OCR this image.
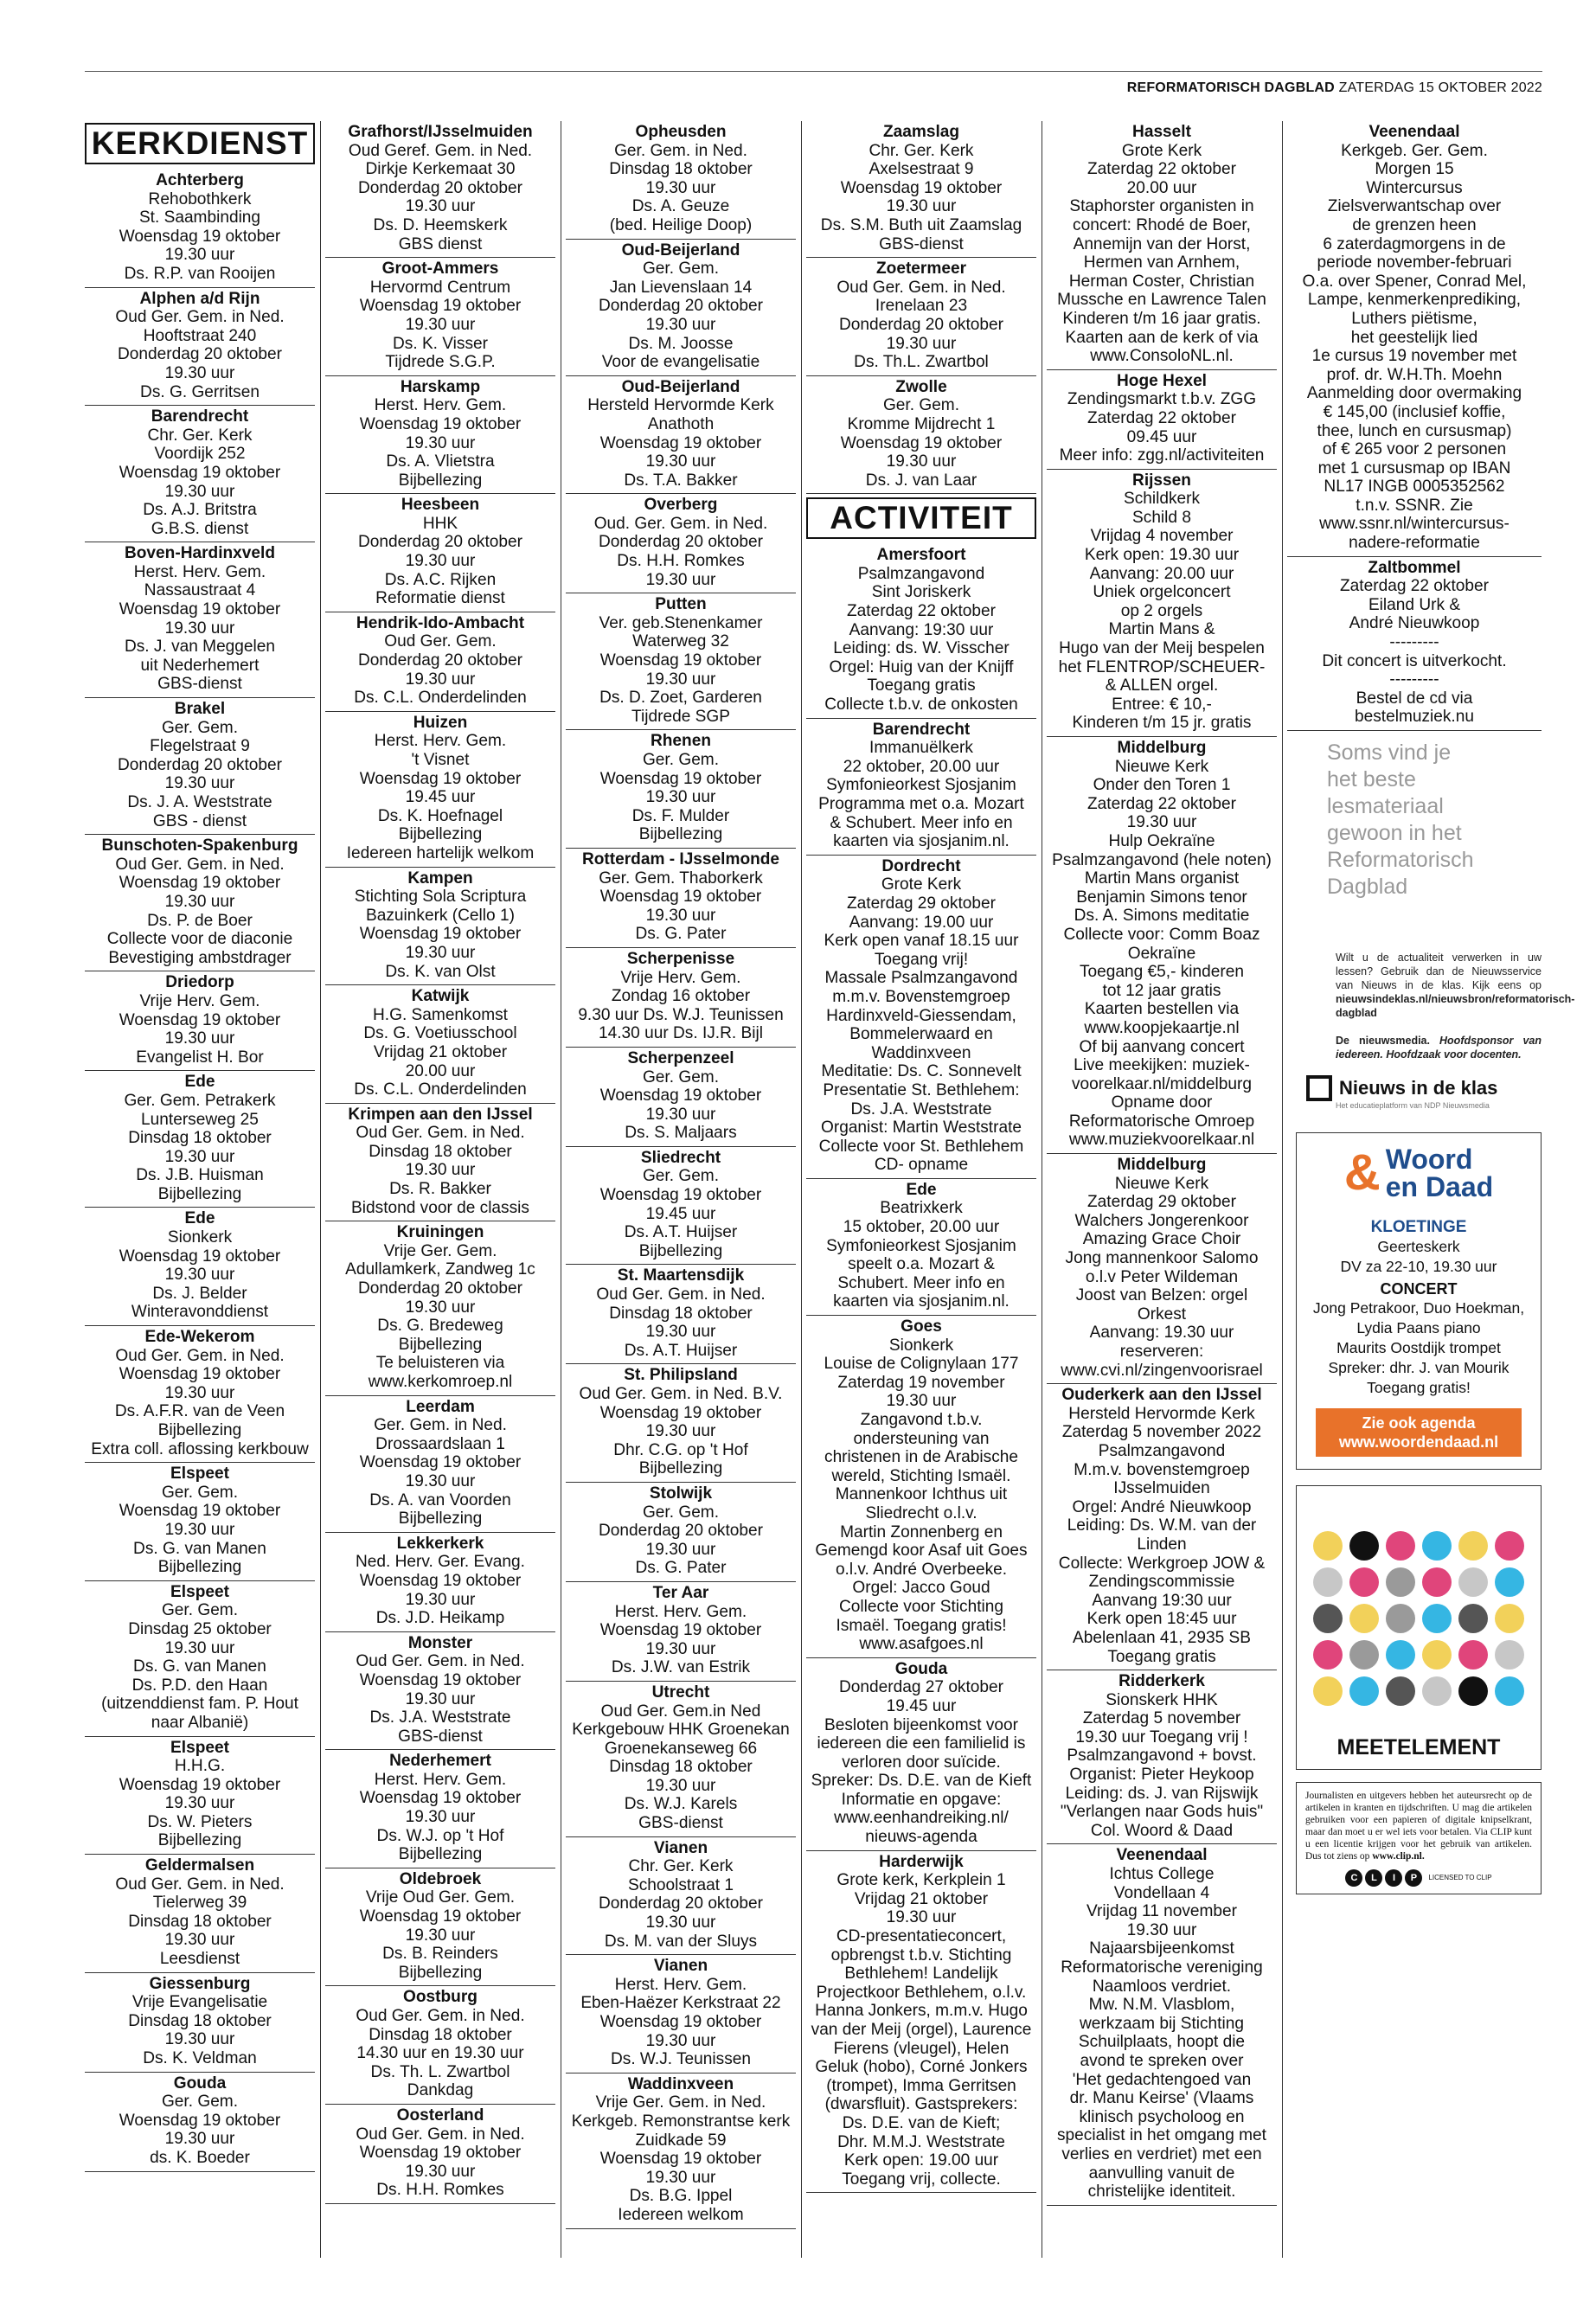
REFORMATORISCH DAGBLAD ZATERDAG 15 OKTOBER 2022
KERKDIENST
Achterberg
Rehobothkerk
St. Saambinding
Woensdag 19 oktober
19.30 uur
Ds. R.P. van Rooijen
Alphen a/d Rijn
Oud Ger. Gem. in Ned.
Hooftstraat 240
Donderdag 20 oktober
19.30 uur
Ds. G. Gerritsen
Barendrecht
Chr. Ger. Kerk
Voordijk 252
Woensdag 19 oktober
19.30 uur
Ds. A.J. Britstra
G.B.S. dienst
Boven-Hardinxveld
Herst. Herv. Gem.
Nassaustraat 4
Woensdag 19 oktober
19.30 uur
Ds. J. van Meggelen
uit Nederhemert
GBS-dienst
Brakel
Ger. Gem.
Flegelstraat 9
Donderdag 20 oktober
19.30 uur
Ds. J. A. Weststrate
GBS - dienst
Bunschoten-Spakenburg
Oud Ger. Gem. in Ned.
Woensdag 19 oktober
19.30 uur
Ds. P. de Boer
Collecte voor de diaconie
Bevestiging ambstdrager
Driedorp
Vrije Herv. Gem.
Woensdag 19 oktober
19.30 uur
Evangelist H. Bor
Ede
Ger. Gem. Petrakerk
Lunterseweg 25
Dinsdag 18 oktober
19.30 uur
Ds. J.B. Huisman
Bijbellezing
Ede
Sionkerk
Woensdag 19 oktober
19.30 uur
Ds. J. Belder
Winteravonddienst
Ede-Wekerom
Oud Ger. Gem. in Ned.
Woensdag 19 oktober
19.30 uur
Ds. A.F.R. van de Veen
Bijbellezing
Extra coll. aflossing kerkbouw
Elspeet
Ger. Gem.
Woensdag 19 oktober
19.30 uur
Ds. G. van Manen
Bijbellezing
Elspeet
Ger. Gem.
Dinsdag 25 oktober
19.30 uur
Ds. G. van Manen
Ds. P.D. den Haan
(uitzenddienst fam. P. Hout
naar Albanië)
Elspeet
H.H.G.
Woensdag 19 oktober
19.30 uur
Ds. W. Pieters
Bijbellezing
Geldermalsen
Oud Ger. Gem. in Ned.
Tielerweg 39
Dinsdag 18 oktober
19.30 uur
Leesdienst
Giessenburg
Vrije Evangelisatie
Dinsdag 18 oktober
19.30 uur
Ds. K. Veldman
Gouda
Ger. Gem.
Woensdag 19 oktober
19.30 uur
ds. K. Boeder
Grafhorst/IJsselmuiden
Oud Geref. Gem. in Ned.
Dirkje Kerkemaat 30
Donderdag 20 oktober
19.30 uur
Ds. D. Heemskerk
GBS dienst
Groot-Ammers
Hervormd Centrum
Woensdag 19 oktober
19.30 uur
Ds. K. Visser
Tijdrede S.G.P.
Harskamp
Herst. Herv. Gem.
Woensdag 19 oktober
19.30 uur
Ds. A. Vlietstra
Bijbellezing
Heesbeen
HHK
Donderdag 20 oktober
19.30 uur
Ds. A.C. Rijken
Reformatie dienst
Hendrik-Ido-Ambacht
Oud Ger. Gem.
Donderdag 20 oktober
19.30 uur
Ds. C.L. Onderdelinden
Huizen
Herst. Herv. Gem.
't Visnet
Woensdag 19 oktober
19.45 uur
Ds. K. Hoefnagel
Bijbellezing
Iedereen hartelijk welkom
Kampen
Stichting Sola Scriptura
Bazuinkerk (Cello 1)
Woensdag 19 oktober
19.30 uur
Ds. K. van Olst
Katwijk
H.G. Samenkomst
Ds. G. Voetiusschool
Vrijdag 21 oktober
20.00 uur
Ds. C.L. Onderdelinden
Krimpen aan den IJssel
Oud Ger. Gem. in Ned.
Dinsdag 18 oktober
19.30 uur
Ds. R. Bakker
Bidstond voor de classis
Kruiningen
Vrije Ger. Gem.
Adullamkerk, Zandweg 1c
Donderdag 20 oktober
19.30 uur
Ds. G. Bredeweg
Bijbellezing
Te beluisteren via
www.kerkomroep.nl
Leerdam
Ger. Gem. in Ned.
Drossaardslaan 1
Woensdag 19 oktober
19.30 uur
Ds. A. van Voorden
Bijbellezing
Lekkerkerk
Ned. Herv. Ger. Evang.
Woensdag 19 oktober
19.30 uur
Ds. J.D. Heikamp
Monster
Oud Ger. Gem. in Ned.
Woensdag 19 oktober
19.30 uur
Ds. J.A. Weststrate
GBS-dienst
Nederhemert
Herst. Herv. Gem.
Woensdag 19 oktober
19.30 uur
Ds. W.J. op 't Hof
Bijbellezing
Oldebroek
Vrije Oud Ger. Gem.
Woensdag 19 oktober
19.30 uur
Ds. B. Reinders
Bijbellezing
Oostburg
Oud Ger. Gem. in Ned.
Dinsdag 18 oktober
14.30 uur en 19.30 uur
Ds. Th. L. Zwartbol
Dankdag
Oosterland
Oud Ger. Gem. in Ned.
Woensdag 19 oktober
19.30 uur
Ds. H.H. Romkes
Opheusden
Ger. Gem. in Ned.
Dinsdag 18 oktober
19.30 uur
Ds. A. Geuze
(bed. Heilige Doop)
Oud-Beijerland
Ger. Gem.
Jan Lievenslaan 14
Donderdag 20 oktober
19.30 uur
Ds. M. Joosse
Voor de evangelisatie
Oud-Beijerland
Hersteld Hervormde Kerk
Anathoth
Woensdag 19 oktober
19.30 uur
Ds. T.A. Bakker
Overberg
Oud. Ger. Gem. in Ned.
Donderdag 20 oktober
Ds. H.H. Romkes
19.30 uur
Putten
Ver. geb.Stenenkamer
Waterweg 32
Woensdag 19 oktober
19.30 uur
Ds. D. Zoet, Garderen
Tijdrede SGP
Rhenen
Ger. Gem.
Woensdag 19 oktober
19.30 uur
Ds. F. Mulder
Bijbellezing
Rotterdam - IJsselmonde
Ger. Gem. Thaborkerk
Woensdag 19 oktober
19.30 uur
Ds. G. Pater
Scherpenisse
Vrije Herv. Gem.
Zondag 16 oktober
9.30 uur Ds. W.J. Teunissen
14.30 uur Ds. IJ.R. Bijl
Scherpenzeel
Ger. Gem.
Woensdag 19 oktober
19.30 uur
Ds. S. Maljaars
Sliedrecht
Ger. Gem.
Woensdag 19 oktober
19.45 uur
Ds. A.T. Huijser
Bijbellezing
St. Maartensdijk
Oud Ger. Gem. in Ned.
Dinsdag 18 oktober
19.30 uur
Ds. A.T. Huijser
St. Philipsland
Oud Ger. Gem. in Ned. B.V.
Woensdag 19 oktober
19.30 uur
Dhr. C.G. op 't Hof
Bijbellezing
Stolwijk
Ger. Gem.
Donderdag 20 oktober
19.30 uur
Ds. G. Pater
Ter Aar
Herst. Herv. Gem.
Woensdag 19 oktober
19.30 uur
Ds. J.W. van Estrik
Utrecht
Oud Ger. Gem.in Ned
Kerkgebouw HHK Groenekan
Groenekanseweg 66
Dinsdag 18 oktober
19.30 uur
Ds. W.J. Karels
GBS-dienst
Vianen
Chr. Ger. Kerk
Schoolstraat 1
Donderdag 20 oktober
19.30 uur
Ds. M. van der Sluys
Vianen
Herst. Herv. Gem.
Eben-Haëzer Kerkstraat 22
Woensdag 19 oktober
19.30 uur
Ds. W.J. Teunissen
Waddinxveen
Vrije Ger. Gem. in Ned.
Kerkgeb. Remonstrantse kerk
Zuidkade 59
Woensdag 19 oktober
19.30 uur
Ds. B.G. Ippel
Iedereen welkom
Zaamslag
Chr. Ger. Kerk
Axelsestraat 9
Woensdag 19 oktober
19.30 uur
Ds. S.M. Buth uit Zaamslag
GBS-dienst
Zoetermeer
Oud Ger. Gem. in Ned.
Irenelaan 23
Donderdag 20 oktober
19.30 uur
Ds. Th.L. Zwartbol
Zwolle
Ger. Gem.
Kromme Mijdrecht 1
Woensdag 19 oktober
19.30 uur
Ds. J. van Laar
ACTIVITEIT
Amersfoort
Psalmzangavond
Sint Joriskerk
Zaterdag 22 oktober
Aanvang: 19:30 uur
Leiding: ds. W. Visscher
Orgel: Huig van der Knijff
Toegang gratis
Collecte t.b.v. de onkosten
Barendrecht
Immanuëlkerk
22 oktober, 20.00 uur
Symfonieorkest Sjosjanim
Programma met o.a. Mozart
& Schubert. Meer info en
kaarten via sjosjanim.nl.
Dordrecht
Grote Kerk
Zaterdag 29 oktober
Aanvang: 19.00 uur
Kerk open vanaf 18.15 uur
Toegang vrij!
Massale Psalmzangavond
m.m.v. Bovenstemgroep
Hardinxveld-Giessendam,
Bommelerwaard en
Waddinxveen
Meditatie: Ds. C. Sonnevelt
Presentatie St. Bethlehem:
Ds. J.A. Weststrate
Organist: Martin Weststrate
Collecte voor St. Bethlehem
CD- opname
Ede
Beatrixkerk
15 oktober, 20.00 uur
Symfonieorkest Sjosjanim
speelt o.a. Mozart &
Schubert. Meer info en
kaarten via sjosjanim.nl.
Goes
Sionkerk
Louise de Colignylaan 177
Zaterdag 19 november
19.30 uur
Zangavond t.b.v.
ondersteuning van
christenen in de Arabische
wereld, Stichting Ismaël.
Mannenkoor Ichthus uit
Sliedrecht o.l.v.
Martin Zonnenberg en
Gemengd koor Asaf uit Goes
o.l.v. André Overbeeke.
Orgel: Jacco Goud
Collecte voor Stichting
Ismaël. Toegang gratis!
www.asafgoes.nl
Gouda
Donderdag 27 oktober
19.45 uur
Besloten bijeenkomst voor
iedereen die een familielid is
verloren door suïcide.
Spreker: Ds. D.E. van de Kieft
Informatie en opgave:
www.eenhandreiking.nl/
nieuws-agenda
Harderwijk
Grote kerk, Kerkplein 1
Vrijdag 21 oktober
19.30 uur
CD-presentatieconcert,
opbrengst t.b.v. Stichting
Bethlehem! Landelijk
Projectkoor Bethlehem, o.l.v.
Hanna Jonkers, m.m.v. Hugo
van der Meij (orgel), Laurence
Fierens (vleugel), Helen
Geluk (hobo), Corné Jonkers
(trompet), Imma Gerritsen
(dwarsfluit). Gastsprekers:
Ds. D.E. van de Kieft;
Dhr. M.M.J. Weststrate
Kerk open: 19.00 uur
Toegang vrij, collecte.
Hasselt
Grote Kerk
Zaterdag 22 oktober
20.00 uur
Staphorster organisten in
concert: Rhodé de Boer,
Annemijn van der Horst,
Hermen van Arnhem,
Herman Coster, Christian
Mussche en Lawrence Talen
Kinderen t/m 16 jaar gratis.
Kaarten aan de kerk of via
www.ConsoloNL.nl.
Hoge Hexel
Zendingsmarkt t.b.v. ZGG
Zaterdag 22 oktober
09.45 uur
Meer info: zgg.nl/activiteiten
Rijssen
Schildkerk
Schild 8
Vrijdag 4 november
Kerk open: 19.30 uur
Aanvang: 20.00 uur
Uniek orgelconcert
op 2 orgels
Martin Mans &
Hugo van der Meij bespelen
het FLENTROP/SCHEUER-
& ALLEN orgel.
Entree: € 10,-
Kinderen t/m 15 jr. gratis
Middelburg
Nieuwe Kerk
Onder den Toren 1
Zaterdag 22 oktober
19.30 uur
Hulp Oekraïne
Psalmzangavond (hele noten)
Martin Mans organist
Benjamin Simons tenor
Ds. A. Simons meditatie
Collecte voor: Comm Boaz
Oekraïne
Toegang €5,- kinderen
tot 12 jaar gratis
Kaarten bestellen via
www.koopjekaartje.nl
Of bij aanvang concert
Live meekijken: muziek-
voorelkaar.nl/middelburg
Opname door
Reformatorische Omroep
www.muziekvoorelkaar.nl
Middelburg
Nieuwe Kerk
Zaterdag 29 oktober
Walchers Jongerenkoor
Amazing Grace Choir
Jong mannenkoor Salomo
o.l.v Peter Wildeman
Joost van Belzen: orgel
Orkest
Aanvang: 19.30 uur
reserveren:
www.cvi.nl/zingenvoorisrael
Ouderkerk aan den IJssel
Hersteld Hervormde Kerk
Zaterdag 5 november 2022
Psalmzangavond
M.m.v. bovenstemgroep
IJsselmuiden
Orgel: André Nieuwkoop
Leiding: Ds. W.M. van der
Linden
Collecte: Werkgroep JOW &
Zendingscommissie
Aanvang 19:30 uur
Kerk open 18:45 uur
Abelenlaan 41, 2935 SB
Toegang gratis
Ridderkerk
Sionskerk HHK
Zaterdag 5 november
19.30 uur Toegang vrij !
Psalmzangavond + bovst.
Organist: Pieter Heykoop
Leiding: ds. J. van Rijswijk
"Verlangen naar Gods huis"
Col. Woord & Daad
Veenendaal
Ichtus College
Vondellaan 4
Vrijdag 11 november
19.30 uur
Najaarsbijeenkomst
Reformatorische vereniging
Naamloos verdriet.
Mw. N.M. Vlasblom,
werkzaam bij Stichting
Schuilplaats, hoopt die
avond te spreken over
'Het gedachtengoed van
dr. Manu Keirse' (Vlaams
klinisch psycholoog en
specialist in het omgang met
verlies en verdriet) met een
aanvulling vanuit de
christelijke identiteit.
Veenendaal
Kerkgeb. Ger. Gem.
Morgen 15
Wintercursus
Zielsverwantschap over
de grenzen heen
6 zaterdagmorgens in de
periode november-februari
O.a. over Spener, Conrad Mel,
Lampe, kenmerkenprediking,
Luthers piëtisme,
het geestelijk lied
1e cursus 19 november met
prof. dr. W.H.Th. Moehn
Aanmelding door overmaking
€ 145,00 (inclusief koffie,
thee, lunch en cursusmap)
of € 265 voor 2 personen
met 1 cursusmap op IBAN
NL17 INGB 0005352562
t.n.v. SSNR. Zie
www.ssnr.nl/wintercursus-
nadere-reformatie
Zaltbommel
Zaterdag 22 oktober
Eiland Urk &
André Nieuwkoop
---------
Dit concert is uitverkocht.
---------
Bestel de cd via
bestelmuziek.nu
Soms vind je
het beste
lesmateriaal
gewoon in het
Reformatorisch
Dagblad
Wilt u de actualiteit verwerken in uw lessen? Gebruik dan de Nieuwsservice van Nieuws in de klas. Kijk eens op nieuwsindeklas.nl/nieuwsbron/reformatorisch-dagblad
De nieuwsmedia. Hoofdsponsor van iedereen. Hoofdzaak voor docenten.
Nieuws in de klas
Het educatieplatform van NDP Nieuwsmedia
& Woord
en Daad
KLOETINGE
Geerteskerk
DV za 22-10, 19.30 uur
CONCERT
Jong Petrakoor, Duo Hoekman,
Lydia Paans piano
Maurits Oostdijk trompet
Spreker: dhr. J. van Mourik
Toegang gratis!
Zie ook agenda
www.woordendaad.nl
MEETELEMENT
Journalisten en uitgevers hebben het auteursrecht op de artikelen in kranten en tijdschriften. U mag die artikelen gebruiken voor een papieren of digitale knipselkrant, maar dan moet u er wel iets voor betalen. Via CLIP kunt u een licentie krijgen voor het gebruik van artikelen. Dus tot ziens op www.clip.nl.
C	L	I	P	LICENSED TO CLIP
